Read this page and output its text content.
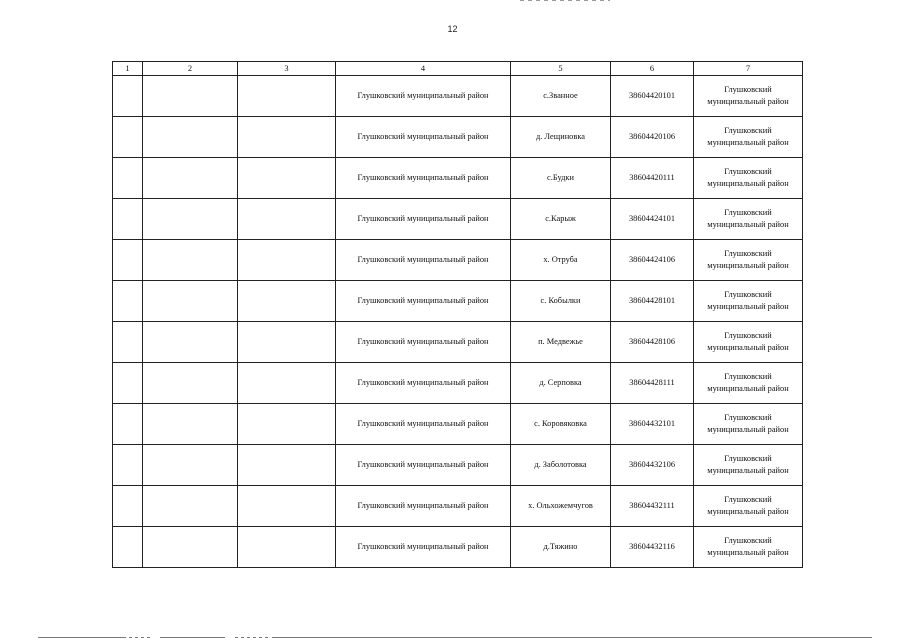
12
1	2	3	4	5	6	7
			Глушковский муниципальный район	с.Званное	38604420101	Глушковский муниципальный район
			Глушковский муниципальный район	д. Лещиновка	38604420106	Глушковский муниципальный район
			Глушковский муниципальный район	с.Будки	38604420111	Глушковский муниципальный район
			Глушковский муниципальный район	с.Карыж	38604424101	Глушковский муниципальный район
			Глушковский муниципальный район	х. Отруба	38604424106	Глушковский муниципальный район
			Глушковский муниципальный район	с. Кобылки	38604428101	Глушковский муниципальный район
			Глушковский муниципальный район	п. Медвежье	38604428106	Глушковский муниципальный район
			Глушковский муниципальный район	д. Серповка	38604428111	Глушковский муниципальный район
			Глушковский муниципальный район	с. Коровяковка	38604432101	Глушковский муниципальный район
			Глушковский муниципальный район	д. Заболотовка	38604432106	Глушковский муниципальный район
			Глушковский муниципальный район	х. Ольхожемчугов	38604432111	Глушковский муниципальный район
			Глушковский муниципальный район	д.Тяжино	38604432116	Глушковский муниципальный район
